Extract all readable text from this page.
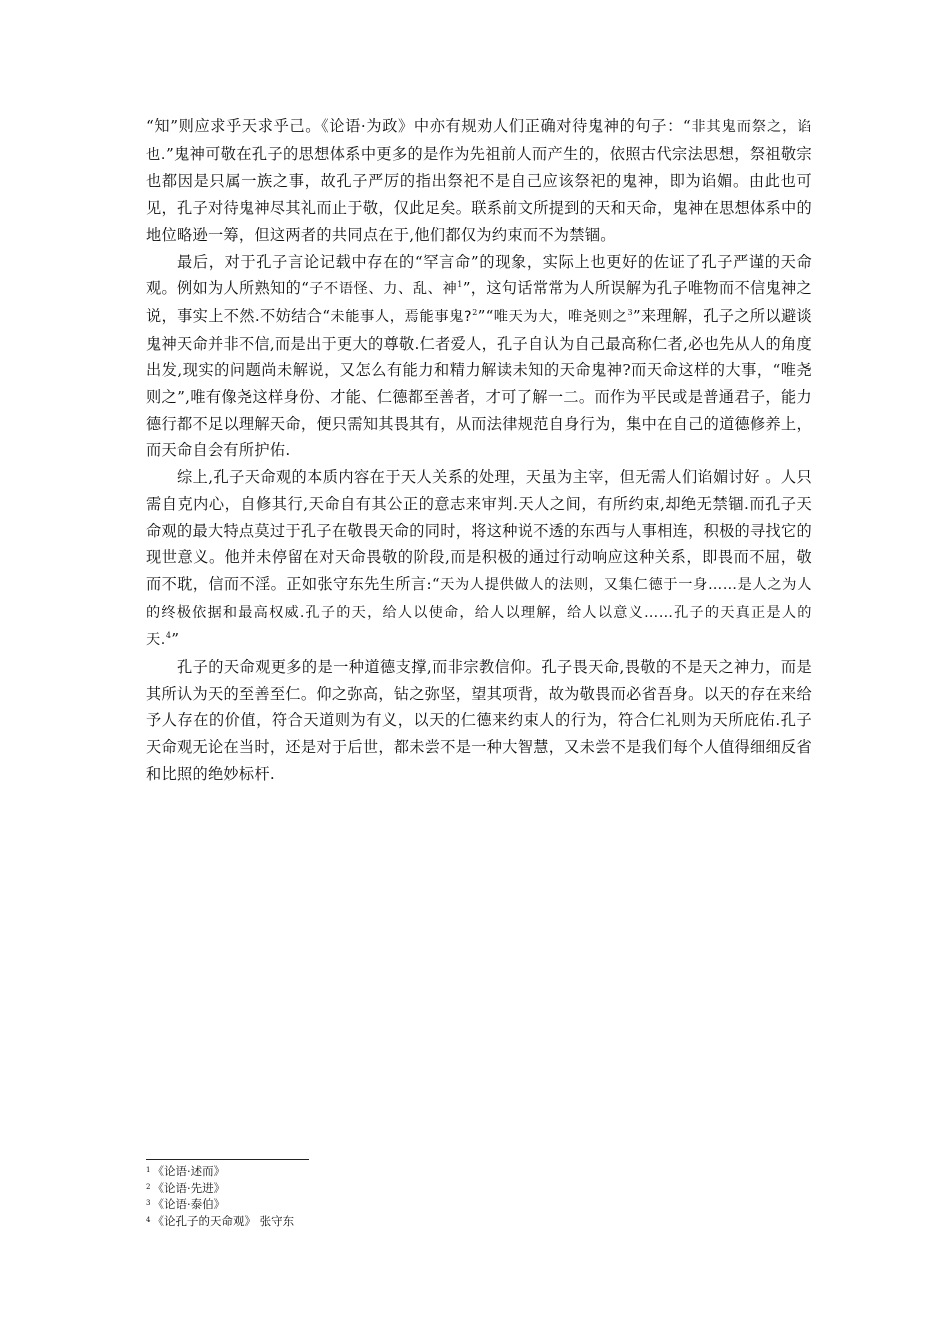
“知”则应求乎天求乎己。《论语·为政》中亦有规劝人们正确对待鬼神的句子：“非其鬼而祭之，谄也.”鬼神可敬在孔子的思想体系中更多的是作为先祖前人而产生的，依照古代宗法思想，祭祖敬宗也都因是只属一族之事，故孔子严厉的指出祭祀不是自己应该祭祀的鬼神，即为谄媚。由此也可见，孔子对待鬼神尽其礼而止于敬，仅此足矣。联系前文所提到的天和天命，鬼神在思想体系中的地位略逊一筹，但这两者的共同点在于,他们都仅为约束而不为禁锢。

最后，对于孔子言论记载中存在的“罕言命”的现象，实际上也更好的佐证了孔子严谨的天命观。例如为人所熟知的“子不语怪、力、乱、神$^1$”，这句话常常为人所误解为孔子唯物而不信鬼神之说，事实上不然.不妨结合“未能事人，焉能事鬼?$^2$”“唯天为大，唯尧则之$^3$”来理解，孔子之所以避谈鬼神天命并非不信,而是出于更大的尊敬.仁者爱人，孔子自认为自己最高称仁者,必也先从人的角度出发,现实的问题尚未解说，又怎么有能力和精力解读未知的天命鬼神?而天命这样的大事，“唯尧则之”,唯有像尧这样身份、才能、仁德都至善者，才可了解一二。而作为平民或是普通君子，能力德行都不足以理解天命，便只需知其畏其有，从而法律规范自身行为，集中在自己的道德修养上，而天命自会有所护佑.

综上,孔子天命观的本质内容在于天人关系的处理，天虽为主宰，但无需人们谄媚讨好 。人只需自克内心，自修其行,天命自有其公正的意志来审判.天人之间，有所约束,却绝无禁锢.而孔子天命观的最大特点莫过于孔子在敬畏天命的同时，将这种说不透的东西与人事相连，积极的寻找它的现世意义。他并未停留在对天命畏敬的阶段,而是积极的通过行动响应这种关系，即畏而不屈，敬而不耽，信而不淫。正如张守东先生所言:“天为人提供做人的法则，又集仁德于一身……是人之为人的终极依据和最高权威.孔子的天，给人以使命，给人以理解，给人以意义……孔子的天真正是人的天.$^4$”

孔子的天命观更多的是一种道德支撑,而非宗教信仰。孔子畏天命,畏敬的不是天之神力，而是其所认为天的至善至仁。仰之弥高，钻之弥坚，望其项背，故为敬畏而必省吾身。以天的存在来给予人存在的价值，符合天道则为有义，以天的仁德来约束人的行为，符合仁礼则为天所庇佑.孔子天命观无论在当时，还是对于后世，都未尝不是一种大智慧，又未尝不是我们每个人值得细细反省和比照的绝妙标杆.

$^1$ 《论语·述而》
$^2$ 《论语·先进》
$^3$ 《论语·泰伯》
$^4$ 《论孔子的天命观》 张守东
